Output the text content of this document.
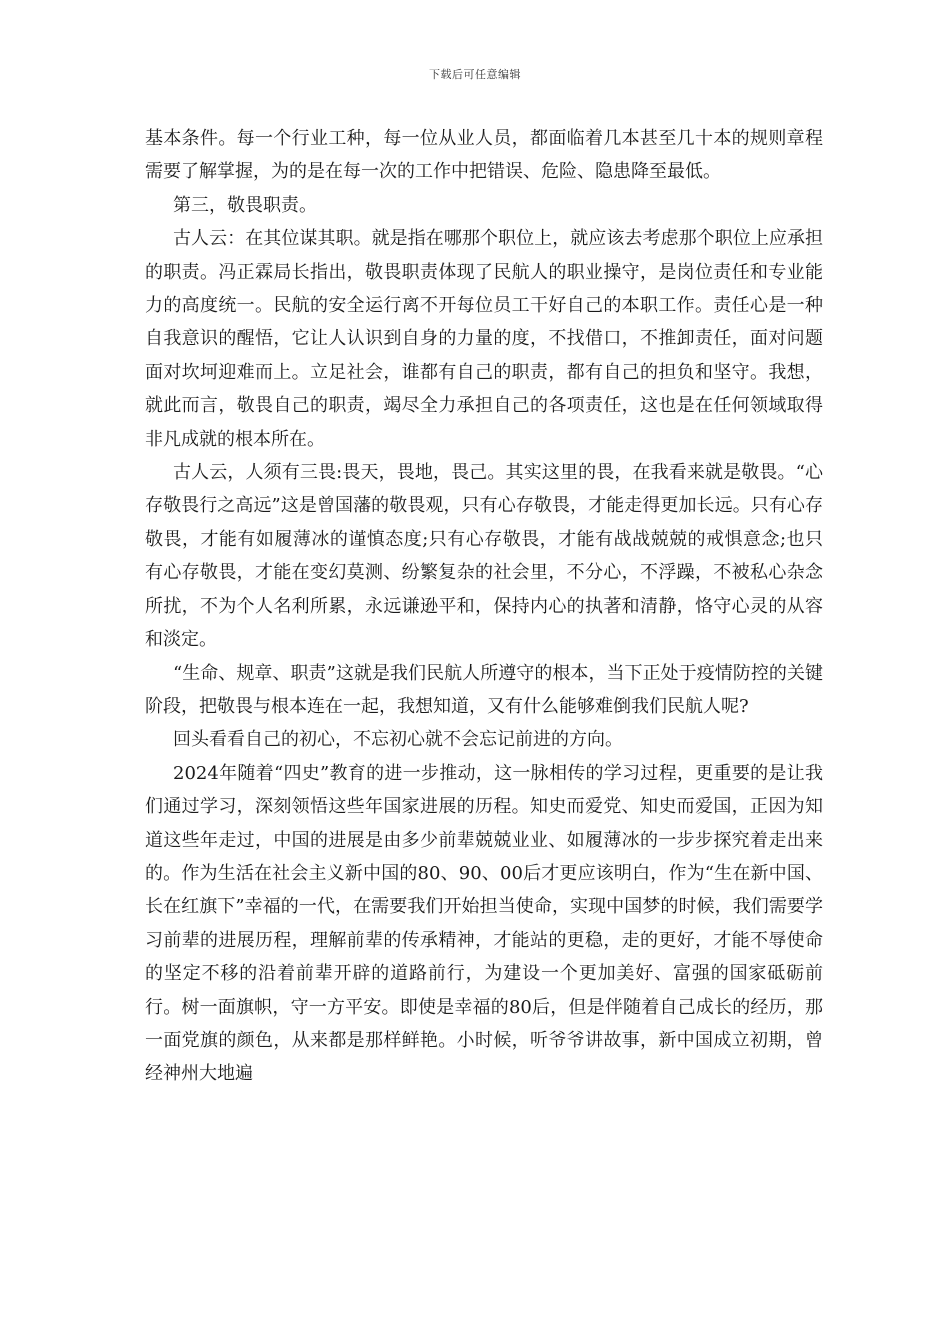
下载后可任意编辑

基本条件。每一个行业工种，每一位从业人员，都面临着几本甚至几十本的规则章程需要了解掌握，为的是在每一次的工作中把错误、危险、隐患降至最低。

第三，敬畏职责。

古人云：在其位谋其职。就是指在哪那个职位上，就应该去考虑那个职位上应承担的职责。冯正霖局长指出，敬畏职责体现了民航人的职业操守，是岗位责任和专业能力的高度统一。民航的安全运行离不开每位员工干好自己的本职工作。责任心是一种自我意识的醒悟，它让人认识到自身的力量的度，不找借口，不推卸责任，面对问题面对坎坷迎难而上。立足社会，谁都有自己的职责，都有自己的担负和坚守。我想，就此而言，敬畏自己的职责，竭尽全力承担自己的各项责任，这也是在任何领域取得非凡成就的根本所在。

古人云，人须有三畏:畏天，畏地，畏己。其实这里的畏，在我看来就是敬畏。“心存敬畏行之高远”这是曾国藩的敬畏观，只有心存敬畏，才能走得更加长远。只有心存敬畏，才能有如履薄冰的谨慎态度;只有心存敬畏，才能有战战兢兢的戒惧意念;也只有心存敬畏，才能在变幻莫测、纷繁复杂的社会里，不分心，不浮躁，不被私心杂念所扰，不为个人名利所累，永远谦逊平和，保持内心的执著和清静，恪守心灵的从容和淡定。

“生命、规章、职责”这就是我们民航人所遵守的根本，当下正处于疫情防控的关键阶段，把敬畏与根本连在一起，我想知道，又有什么能够难倒我们民航人呢?

回头看看自己的初心，不忘初心就不会忘记前进的方向。

2024年随着“四史”教育的进一步推动，这一脉相传的学习过程，更重要的是让我们通过学习，深刻领悟这些年国家进展的历程。知史而爱党、知史而爱国，正因为知道这些年走过，中国的进展是由多少前辈兢兢业业、如履薄冰的一步步探究着走出来的。作为生活在社会主义新中国的80、90、00后才更应该明白，作为“生在新中国、长在红旗下”幸福的一代，在需要我们开始担当使命，实现中国梦的时候，我们需要学习前辈的进展历程，理解前辈的传承精神，才能站的更稳，走的更好，才能不辱使命的坚定不移的沿着前辈开辟的道路前行，为建设一个更加美好、富强的国家砥砺前行。树一面旗帜，守一方平安。即使是幸福的80后，但是伴随着自己成长的经历，那一面党旗的颜色，从来都是那样鲜艳。小时候，听爷爷讲故事，新中国成立初期，曾经神州大地遍
